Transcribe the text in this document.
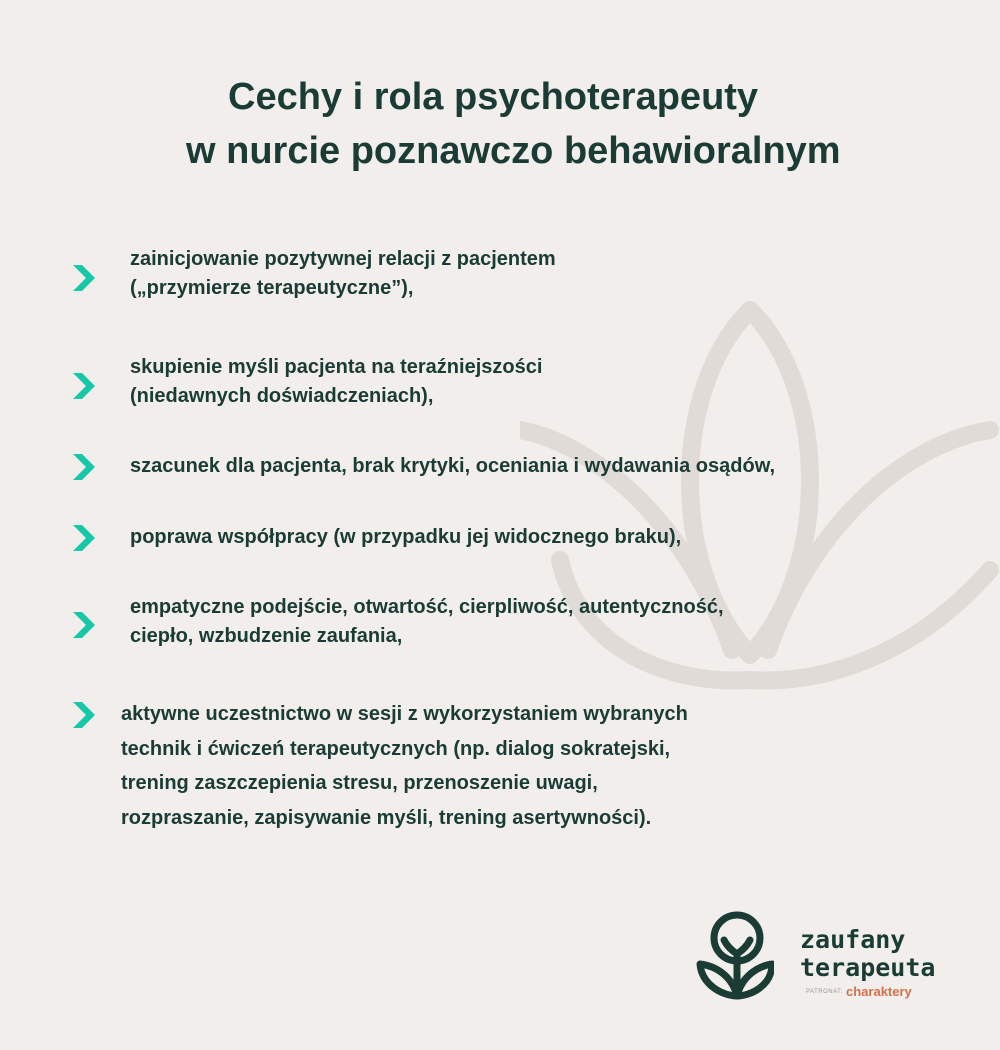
Cechy i rola psychoterapeuty
w nurcie poznawczo behawioralnym
zainicjowanie pozytywnej relacji z pacjentem
(„przymierze terapeutyczne”),
skupienie myśli pacjenta na teraźniejszości
(niedawnych doświadczeniach),
szacunek dla pacjenta, brak krytyki, oceniania i wydawania osądów,
poprawa współpracy (w przypadku jej widocznego braku),
empatyczne podejście, otwartość, cierpliwość, autentyczność,
ciepło, wzbudzenie zaufania,
aktywne uczestnictwo w sesji z wykorzystaniem wybranych
technik i ćwiczeń terapeutycznych (np. dialog sokratejski,
trening zaszczepienia stresu, przenoszenie uwagi,
rozpraszanie, zapisywanie myśli, trening asertywności).
zaufany
terapeuta
PATRONAT: charaktery
